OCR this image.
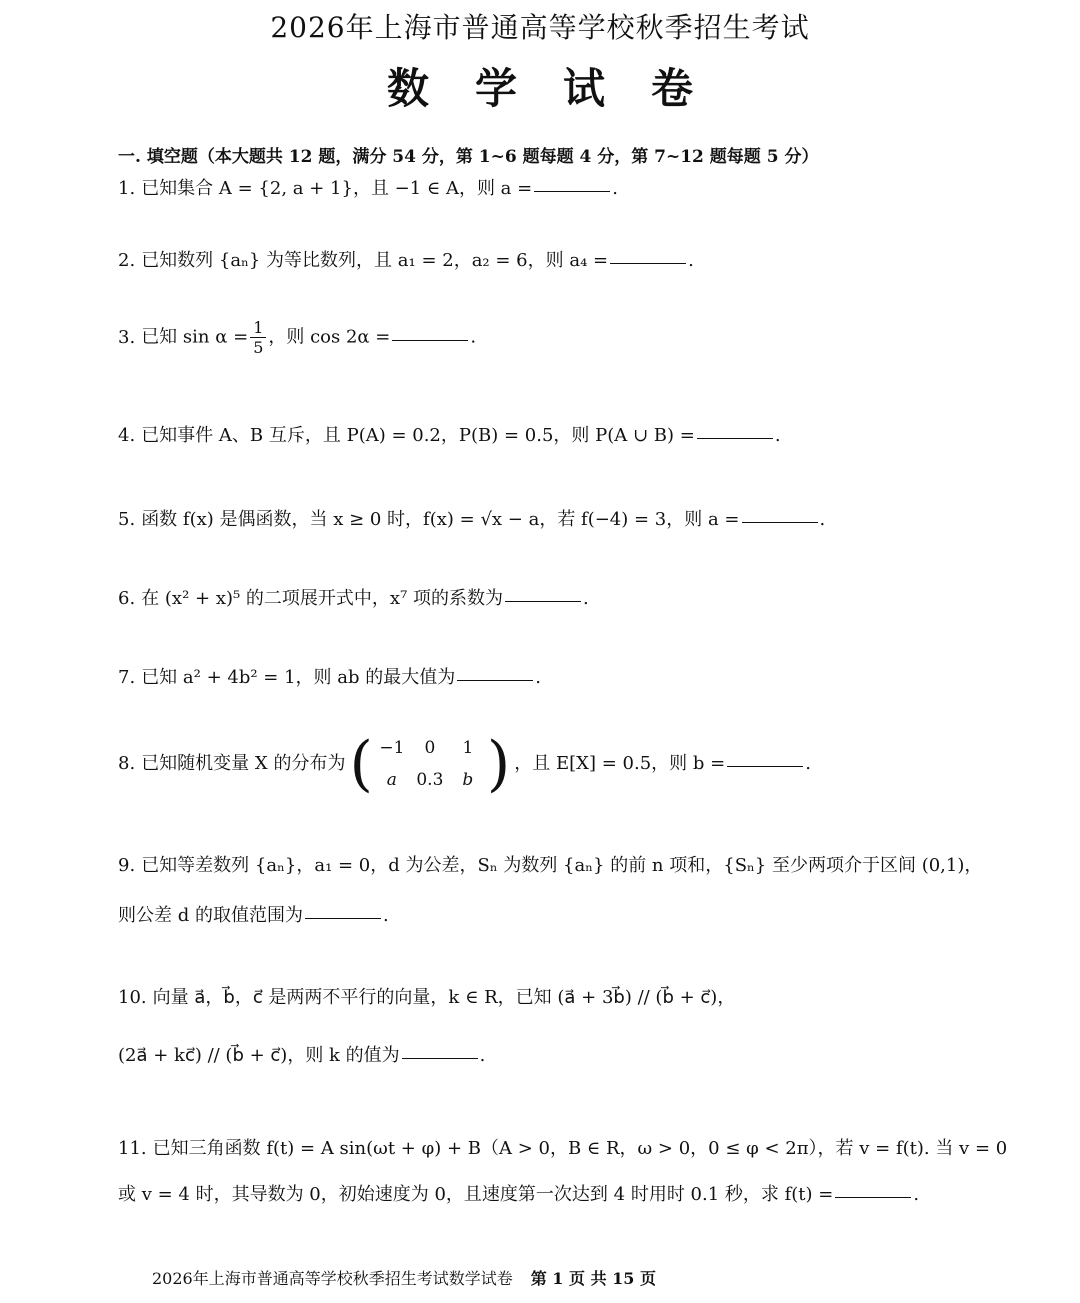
2026年上海市普通高等学校秋季招生考试
数学试卷
一. 填空题（本大题共 12 题，满分 54 分，第 1~6 题每题 4 分，第 7~12 题每题 5 分）
1. 已知集合 A = {2, a + 1}，且 −1 ∈ A，则 a =	.
2. 已知数列 {aₙ} 为等比数列，且 a₁ = 2，a₂ = 6，则 a₄ =	.
3. 已知 $\sin \alpha = \frac{1}{5}$ ，则 cos 2α =	.
4. 已知事件 A、B 互斥，且 P(A) = 0.2，P(B) = 0.5，则 P(A ∪ B) =	.
5. 函数 f(x) 是偶函数，当 x ≥ 0 时，f(x) = √x − a，若 f(−4) = 3，则 a =	.
6. 在 (x² + x)⁵ 的二项展开式中，x⁷ 项的系数为	.
7. 已知 a² + 4b² = 1，则 ab 的最大值为	.
8. 已知随机变量 X 的分布为 ( −1	0	1
a	0.3	b ) ，且 E[X] = 0.5，则 b =	.
9. 已知等差数列 {aₙ}，a₁ = 0，d 为公差，Sₙ 为数列 {aₙ} 的前 n 项和，{Sₙ} 至少两项介于区间 (0,1)，
则公差 d 的取值范围为	.
10. 向量 a⃗，b⃗，c⃗ 是两两不平行的向量，k ∈ R，已知 (a⃗ + 3b⃗) // (b⃗ + c⃗)，
(2a⃗ + kc⃗) // (b⃗ + c⃗)，则 k 的值为	.
11. 已知三角函数 f(t) = A sin(ωt + φ) + B（A > 0，B ∈ R，ω > 0，0 ≤ φ < 2π），若 v = f(t). 当 v = 0
或 v = 4 时，其导数为 0，初始速度为 0，且速度第一次达到 4 时用时 0.1 秒，求 f(t) =	.
2026年上海市普通高等学校秋季招生考试数学试卷 第 1 页 共 15 页
